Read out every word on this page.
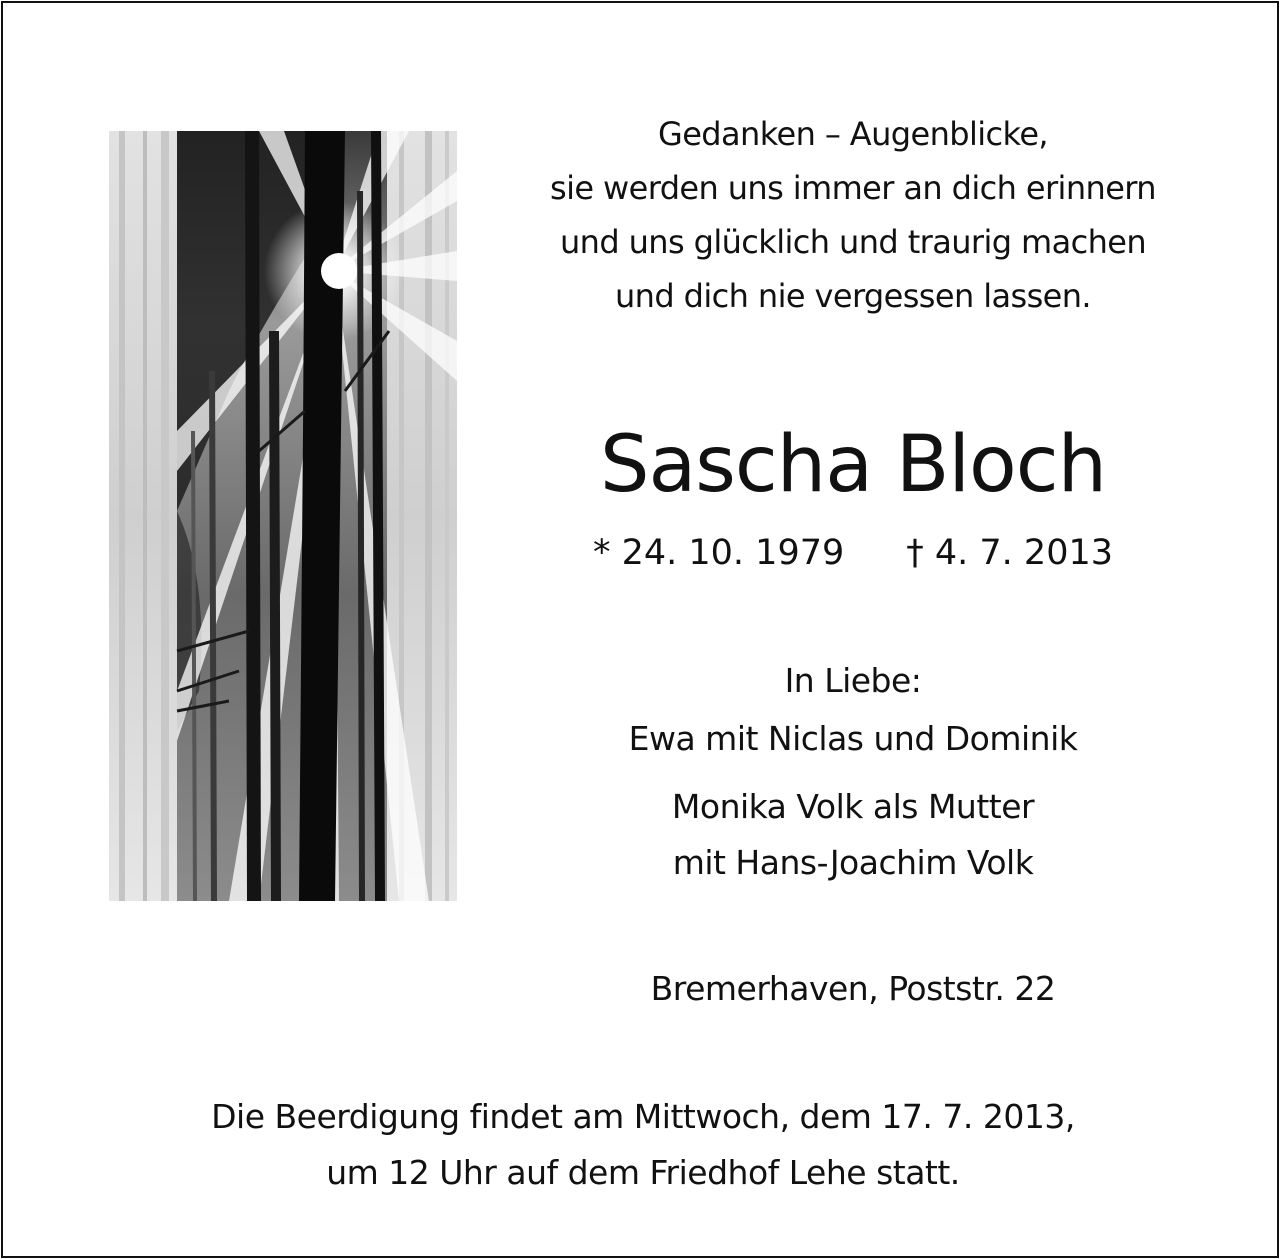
Gedanken – Augenblicke,
sie werden uns immer an dich erinnern
und uns glücklich und traurig machen
und dich nie vergessen lassen.

Sascha Bloch

* 24. 10. 1979 † 4. 7. 2013

In Liebe:

Ewa mit Niclas und Dominik
Monika Volk als Mutter
mit Hans-Joachim Volk

Bremerhaven, Poststr. 22

Die Beerdigung findet am Mittwoch, dem 17. 7. 2013,
um 12 Uhr auf dem Friedhof Lehe statt.
